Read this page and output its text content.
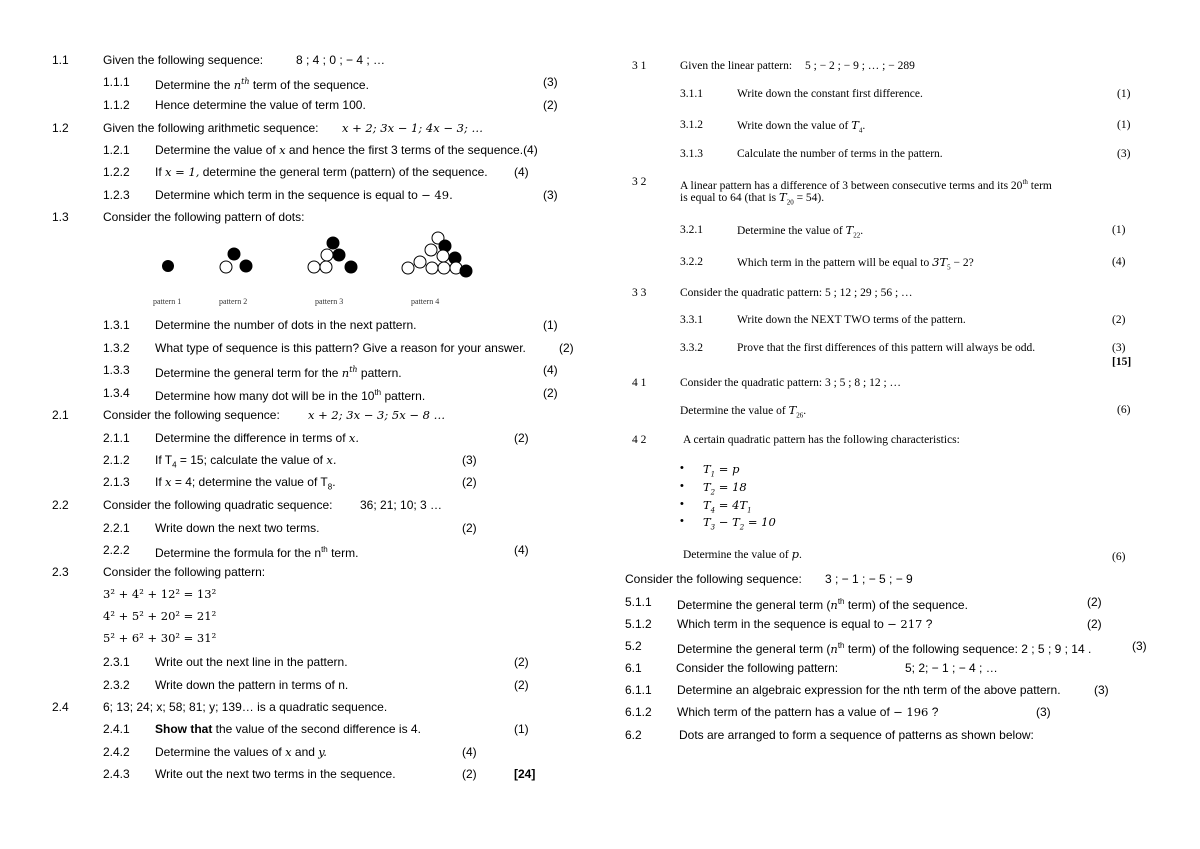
1.1	Given the following sequence:	8 ; 4 ; 0 ; − 4 ; …
1.1.1 Determine the $n^{th}$ term of the sequence.	(3)
1.1.2 Hence determine the value of term 100.	(2)
1.2	Given the following arithmetic sequence: x + 2; 3x − 1; 4x − 3; …
1.2.1 Determine the value of x and hence the first 3 terms of the sequence.(4)
1.2.2 If x = 1, determine the general term (pattern) of the sequence. (4)
1.2.3 Determine which term in the sequence is equal to − 49.	(3)
1.3	Consider the following pattern of dots:
pattern 1	pattern 2	pattern 3	pattern 4
1.3.1 Determine the number of dots in the next pattern.	(1)
1.3.2 What type of sequence is this pattern? Give a reason for your answer.	(2)
1.3.3 Determine the general term for the $n^{th}$ pattern.	(4)
1.3.4 Determine how many dot will be in the 10th pattern.	(2)
2.1	Consider the following sequence: x + 2; 3x − 3; 5x − 8 …
2.1.1 Determine the difference in terms of x.	(2)
2.1.2 If $T_4 = 15$; calculate the value of x.	(3)
2.1.3 If x = 4; determine the value of $T_8$.	(2)
2.2	Consider the following quadratic sequence: 36; 21; 10; 3 …
2.2.1 Write down the next two terms.	(2)
2.2.2 Determine the formula for the $n^{th}$ term.	(4)
2.3	Consider the following pattern:
3² + 4² + 12² = 13²
4² + 5² + 20² = 21²
5² + 6² + 30² = 31²
2.3.1 Write out the next line in the pattern.	(2)
2.3.2 Write down the pattern in terms of n.	(2)
2.4	6; 13; 24; x; 58; 81; y; 139… is a quadratic sequence.
2.4.1 Show that the value of the second difference is 4.	(1)
2.4.2 Determine the values of x and y.	(4)
2.4.3 Write out the next two terms in the sequence.	(2)	[24]
3 1	Given the linear pattern: 5 ; − 2 ; − 9 ; … ; − 289
3.1.1	Write down the constant first difference.	(1)
3.1.2	Write down the value of $T_4$.	(1)
3.1.3	Calculate the number of terms in the pattern.	(3)
3 2	A linear pattern has a difference of 3 between consecutive terms and its 20th term
is equal to 64 (that is $T_{20} = 54$).
3.2.1	Determine the value of $T_{22}$.	(1)
3.2.2	Which term in the pattern will be equal to $3T_5 - 2$?	(4)
3 3	Consider the quadratic pattern: 5 ; 12 ; 29 ; 56 ; …
3.3.1	Write down the NEXT TWO terms of the pattern.	(2)
3.3.2	Prove that the first differences of this pattern will always be odd.	(3)
[15]
4 1	Consider the quadratic pattern: 3 ; 5 ; 8 ; 12 ; …
Determine the value of $T_{26}$.	(6)
4 2	A certain quadratic pattern has the following characteristics:
• $T_1 = p$
• $T_2 = 18$
• $T_4 = 4T_1$
• $T_3 - T_2 = 10$
Determine the value of p.	(6)
Consider the following sequence: 3 ; − 1 ; − 5 ; − 9
5.1.1 Determine the general term ($n^{th}$ term) of the sequence.	(2)
5.1.2 Which term in the sequence is equal to − 217 ?	(2)
5.2	Determine the general term ($n^{th}$ term) of the following sequence: 2 ; 5 ; 9 ; 14 .	(3)
6.1	Consider the following pattern:	5; 2; − 1 ; − 4 ; …
6.1.1 Determine an algebraic expression for the nth term of the above pattern.	(3)
6.1.2 Which term of the pattern has a value of − 196 ?	(3)
6.2	Dots are arranged to form a sequence of patterns as shown below:
